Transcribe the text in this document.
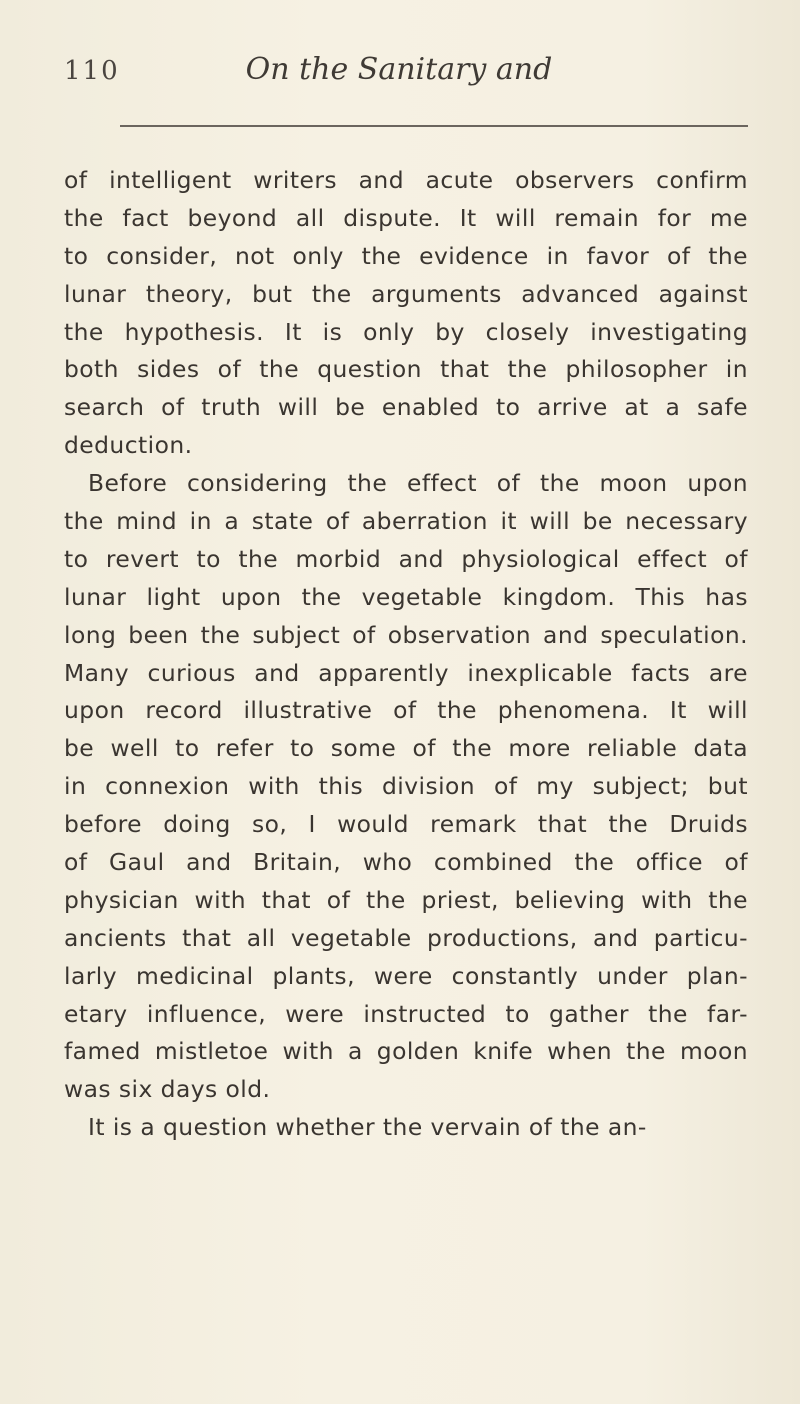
110	On the Sanitary and
of intelligent writers and acute observers confirm
the fact beyond all dispute. It will remain for me
to consider, not only the evidence in favor of the
lunar theory, but the arguments advanced against
the hypothesis. It is only by closely investigating
both sides of the question that the philosopher in
search of truth will be enabled to arrive at a safe
deduction.
Before considering the effect of the moon upon
the mind in a state of aberration it will be necessary
to revert to the morbid and physiological effect of
lunar light upon the vegetable kingdom. This has
long been the subject of observation and speculation.
Many curious and apparently inexplicable facts are
upon record illustrative of the phenomena. It will
be well to refer to some of the more reliable data
in connexion with this division of my subject; but
before doing so, I would remark that the Druids
of Gaul and Britain, who combined the office of
physician with that of the priest, believing with the
ancients that all vegetable productions, and particu-
larly medicinal plants, were constantly under plan-
etary influence, were instructed to gather the far-
famed mistletoe with a golden knife when the moon
was six days old.
It is a question whether the vervain of the an-
